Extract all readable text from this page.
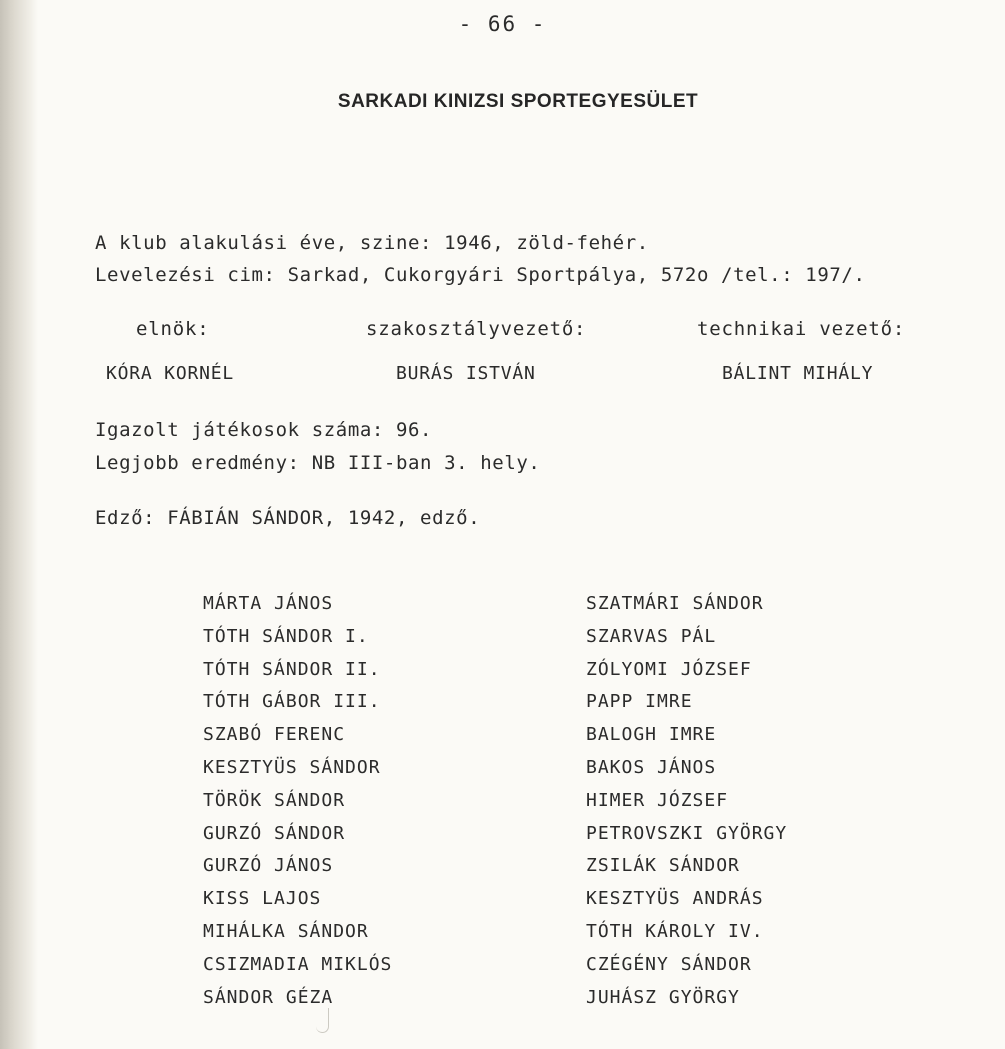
- 66 -
SARKADI KINIZSI SPORTEGYESÜLET
A klub alakulási éve, szine: 1946, zöld-fehér.
Levelezési cim: Sarkad, Cukorgyári Sportpálya, 572o /tel.: 197/.
elnök:	szakosztályvezető:	technikai vezető:
KÓRA KORNÉL	BURÁS ISTVÁN	BÁLINT MIHÁLY
Igazolt játékosok száma: 96.
Legjobb eredmény: NB III-ban 3. hely.
Edző: FÁBIÁN SÁNDOR, 1942, edző.
MÁRTA JÁNOS
TÓTH SÁNDOR I.
TÓTH SÁNDOR II.
TÓTH GÁBOR III.
SZABÓ FERENC
KESZTYÜS SÁNDOR
TÖRÖK SÁNDOR
GURZÓ SÁNDOR
GURZÓ JÁNOS
KISS LAJOS
MIHÁLKA SÁNDOR
CSIZMADIA MIKLÓS
SÁNDOR GÉZA
SZATMÁRI SÁNDOR
SZARVAS PÁL
ZÓLYOMI JÓZSEF
PAPP IMRE
BALOGH IMRE
BAKOS JÁNOS
HIMER JÓZSEF
PETROVSZKI GYÖRGY
ZSILÁK SÁNDOR
KESZTYÜS ANDRÁS
TÓTH KÁROLY IV.
CZÉGÉNY SÁNDOR
JUHÁSZ GYÖRGY
